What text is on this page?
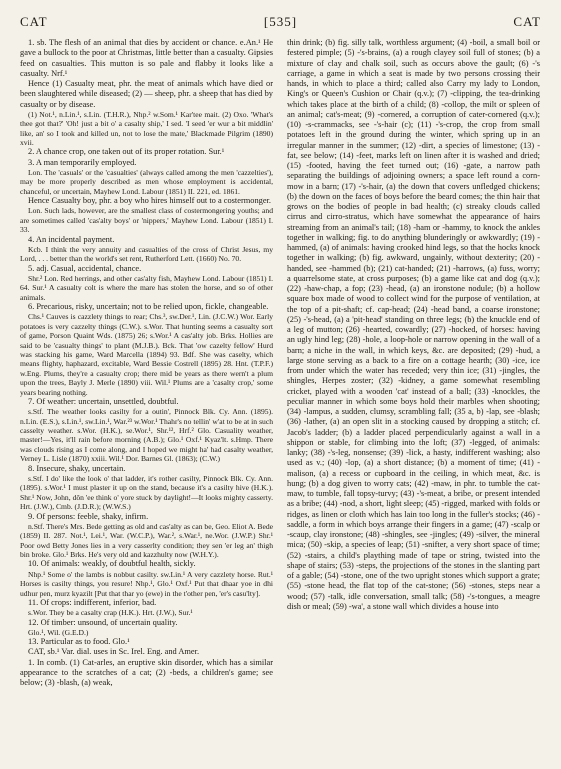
CAT	[535]	CAT

1. sb. The flesh of an animal that dies by accident or chance. e.An.¹ He gave a bullock to the poor at Christmas, little better than a casualty. Gipsies feed on casualties. This mutton is so pale and flabby it looks like a casualty. Nrf.¹

Hence (1) Casualty meat, phr. the meat of animals which have died or been slaughtered while diseased; (2) — sheep, phr. a sheep that has died by casualty or by disease.

(1) Not.¹, n.Lin.¹, s.Lin. (T.H.R.), Nhp.² w.Som.¹ Kar'tee mait. (2) Oxo. 'What's thee got that?' 'Oh! just a bit o' a casalty ship,' I sed. 'I seed 'er wur a bit middlin' like, an' so I took and killed un, not to lose the mate,' Blackmade Pilgrim (1890) xvii.

2. A chance crop, one taken out of its proper rotation. Sur.¹

3. A man temporarily employed.

Lon. The 'casuals' or the 'casualties' (always called among the men 'cazzelties'), may be more properly described as men whose employment is accidental, chanceful, or uncertain, Mayhew Lond. Labour (1851) II. 221, ed. 1861.

Hence Casualty boy, phr. a boy who hires himself out to a costermonger.

Lon. Such lads, however, are the smallest class of costermongering youths; and are sometimes called 'cas'alty boys' or 'nippers,' Mayhew Lond. Labour (1851) I. 33.

4. An incidental payment.

Kcb. I think the very annuity and casualties of the cross of Christ Jesus, my Lord, . . . better than the world's set rent, Rutherford Lett. (1660) No. 70.

5. adj. Casual, accidental, chance.

Shr.² Lon. Red herrings, and other cas'alty fish, Mayhew Lond. Labour (1851) I. 64. Sur.¹ A casualty colt is where the mare has stolen the horse, and so of other animals.

6. Precarious, risky, uncertain; not to be relied upon, fickle, changeable.

Chs.¹ Cauves is cazzlety things to rear; Chs.³, sw.Der.¹, Lin. (J.C.W.) Wor. Early potatoes is very cazzelty things (C.W.). s.Wor. That hunting seems a casualty sort of game, Porson Quaint Wds. (1875) 26; s.Wor.¹ A cas'alty job. Brks. Hollies are said to be 'casualty things' to plant (M.J.B.). Bck. That 'ow cazelty fellow' Hurd was stacking his game, Ward Marcella (1894) 93. Bdf. She was caselty, which means flighty, haphazard, excitable, Ward Bessie Costrell (1895) 28. Hnt. (T.P.F.) w.Eng. Plums, they're a casualty crop; there mid be years as there wern't a plum upon the trees, Bayly J. Merle (1890) viii. Wil.¹ Plums are a 'casalty crop,' some years bearing nothing.

7. Of weather: uncertain, unsettled, doubtful.

s.Stf. The weather looks casilty for a outin', Pinnock Blk. Cy. Ann. (1895). n.Lin. (E.S.), s.Lin.¹, sw.Lin.¹, War.²³ w.Wor.¹ Thahr's no tellin' w'at to be at in such casselty weather. s.Wor. (H.K.), se.Wor.¹, Shr.¹², Hrf.² Glo. Casuality weather, master!—Yes, it'll rain before morning (A.B.); Glo.¹ Oxf.¹ Kyaz'lt. s.Hmp. There was clouds rising as I come along, and I hoped we might ha' had casalty weather, Verney L. Lisle (1870) xxiii. Wil.¹ Dor. Barnes Gl. (1863); (C.W.)

8. Insecure, shaky, uncertain.

s.Stf. I do' like the look o' that ladder, it's rother casilty, Pinnock Blk. Cy. Ann. (1895). s.Wor.¹ I must plaster it up on the stand, because it's a casilty hive (H.K.). Shr.¹ Now, John, dôn 'ee think o' yore stuck by daylight!—It looks mighty casserty. Hrt. (J.W.), Cmb. (J.D.R.); (W.W.S.)

9. Of persons: feeble, shaky, infirm.

n.Stf. There's Mrs. Bede getting as old and cas'alty as can be, Geo. Eliot A. Bede (1859) II. 287. Not.¹, Lei.¹, War. (W.C.P.), War.², s.War.¹, ne.Wor. (J.W.P.) Shr.¹ Poor owd Betty Jones lies in a very casserlty condition; they sen 'er leg an' thigh bin broke. Glo.¹ Brks. He's very old and kazzhulty now (W.H.Y.).

10. Of animals: weakly, of doubtful health, sickly.

Nhp.¹ Some o' the lambs is nobbut casilty. sw.Lin.¹ A very cazzlety horse. Rut.¹ Horses is casilty things, you resure! Nhp.¹, Glo.¹ Oxf.¹ Put that dhaar yoe in dhi udhur pen, murz kyazilt [Put that thar yo (ewe) in the t'other pen, 'er's casu'lty].

11. Of crops: indifferent, inferior, bad.

s.Wor. They be a casalty crap (H.K.). Hrt. (J.W.), Sur.¹

12. Of timber: unsound, of uncertain quality.

Glo.¹, Wil. (G.E.D.)

13. Particular as to food. Glo.¹

CAT, sb.¹ Var. dial. uses in Sc. Irel. Eng. and Amer.

1. In comb. (1) Cat-arles, an eruptive skin disorder, which has a similar appearance to the scratches of a cat; (2) -beds, a children's game; see below; (3) -blash, (a) weak,

thin drink; (b) fig. silly talk, worthless argument; (4) -boil, a small boil or festered pimple; (5) -'s-brains, (a) a rough clayey soil full of stones; (b) a mixture of clay and chalk soil, such as occurs above the gault; (6) -'s carriage, a game in which a seat is made by two persons crossing their hands, in which to place a third; called also Carry my lady to London, King's or Queen's Cushion or Chair (q.v.); (7) -clipping, the tea-drinking which takes place at the birth of a child; (8) -collop, the milt or spleen of an animal; cat's-meat; (9) -cornered, a corruption of cater-cornered (q.v.); (10) -s-crammacks, see -'s-hair (c); (11) -'s-crop, the crop from small potatoes left in the ground during the winter, which spring up in an irregular manner in the summer; (12) -dirt, a species of limestone; (13) -fat, see below; (14) -feet, marks left on linen after it is washed and dried; (15) -footed, having the feet turned out; (16) -gate, a narrow path separating the buildings of adjoining owners; a space left round a corn-mow in a barn; (17) -'s-hair, (a) the down that covers unfledged chickens; (b) the down on the faces of boys before the beard comes; the thin hair that grows on the bodies of people in bad health; (c) streaky clouds called cirrus and cirro-stratus, which have somewhat the appearance of hairs streaming from an animal's tail; (18) -ham or -hammy, to knock the ankles together in walking; fig. to do anything blunderingly or awkwardly; (19) -hammed, (a) of animals: having crooked hind legs, so that the hocks knock together in walking; (b) fig. awkward, ungainly, without dexterity; (20) -handed, see -hammed (b); (21) cat-handed; (21) -harrows, (a) fuss, worry; a quarrelsome state, at cross purposes; (b) a game like cat and dog (q.v.); (22) -haw-chap, a fop; (23) -head, (a) an ironstone nodule; (b) a hollow square box made of wood to collect wind for the purpose of ventilation, at the top of a pit-shaft; cf. cap-head; (24) -head band, a coarse ironstone; (25) -'s-head, (a) a 'pit-head' standing on three legs; (b) the knuckle end of a leg of mutton; (26) -hearted, cowardly; (27) -hocked, of horses: having an ugly hind leg; (28) -hole, a loop-hole or narrow opening in the wall of a barn; a niche in the wall, in which keys, &c. are deposited; (29) -hud, a large stone serving as a back to a fire on a cottage hearth; (30) -ice, ice from under which the water has receded; very thin ice; (31) -jingles, the shingles, Herpes zoster; (32) -kidney, a game somewhat resembling cricket, played with a wooden 'cat' instead of a ball; (33) -knockles, the peculiar manner in which some boys hold their marbles when shooting; (34) -lampus, a sudden, clumsy, scrambling fall; (35 a, b) -lap, see -blash; (36) -lather, (a) an open slit in a stocking caused by dropping a stitch; cf. Jacob's ladder; (b) a ladder placed perpendicularly against a wall in a shippon or stable, for climbing into the loft; (37) -legged, of animals: lanky; (38) -'s-leg, nonsense; (39) -lick, a hasty, indifferent washing; also used as v.; (40) -lop, (a) a short distance; (b) a moment of time; (41) -malison, (a) a recess or cupboard in the ceiling, in which meat, &c. is hung; (b) a dog given to worry cats; (42) -maw, in phr. to tumble the cat-maw, to tumble, fall topsy-turvy; (43) -'s-meat, a bribe, or present intended as a bribe; (44) -nod, a short, light sleep; (45) -rigged, marked with folds or ridges, as linen or cloth which has lain too long in the fuller's stocks; (46) -saddle, a form in which boys arrange their fingers in a game; (47) -scalp or -scaup, clay ironstone; (48) -shingles, see -jingles; (49) -silver, the mineral mica; (50) -skip, a species of leap; (51) -snifter, a very short space of time; (52) -stairs, a child's plaything made of tape or string, twisted into the shape of stairs; (53) -steps, the projections of the stones in the slanting part of a gable; (54) -stone, one of the two upright stones which support a grate; (55) -stone head, the flat top of the cat-stone; (56) -stones, steps near a wood; (57) -talk, idle conversation, small talk; (58) -'s-tongues, a meagre dish or meal; (59) -wa', a stone wall which divides a house into
